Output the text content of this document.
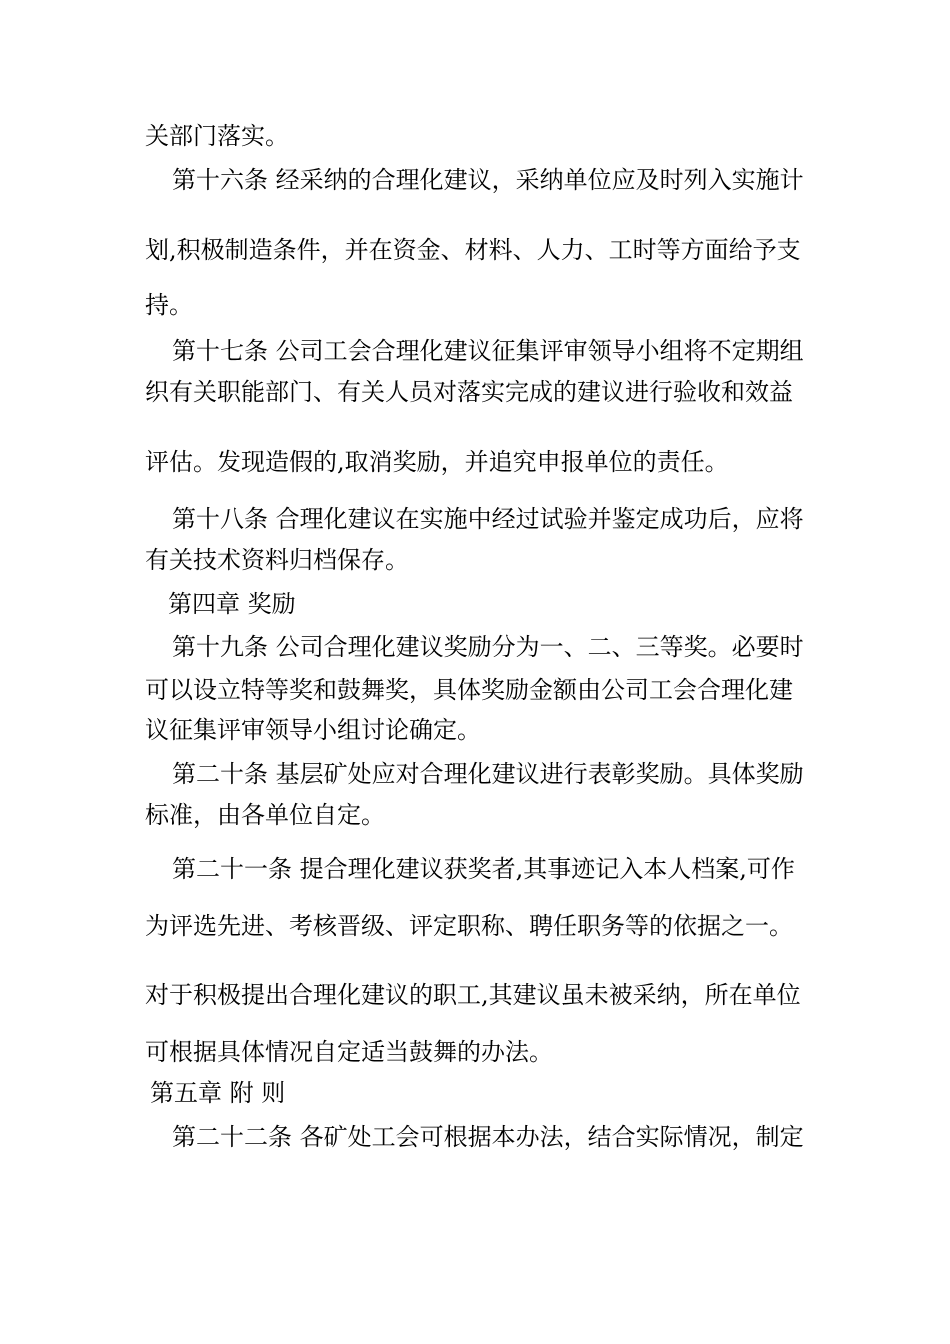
关部门落实。
第十六条 经采纳的合理化建议，采纳单位应及时列入实施计
划,积极制造条件，并在资金、材料、人力、工时等方面给予支
持。
第十七条 公司工会合理化建议征集评审领导小组将不定期组
织有关职能部门、有关人员对落实完成的建议进行验收和效益
评估。发现造假的,取消奖励，并追究申报单位的责任。
第十八条 合理化建议在实施中经过试验并鉴定成功后，应将
有关技术资料归档保存。
第四章 奖励
第十九条 公司合理化建议奖励分为一、二、三等奖。必要时
可以设立特等奖和鼓舞奖，具体奖励金额由公司工会合理化建
议征集评审领导小组讨论确定。
第二十条 基层矿处应对合理化建议进行表彰奖励。具体奖励
标准，由各单位自定。
第二十一条 提合理化建议获奖者,其事迹记入本人档案,可作
为评选先进、考核晋级、评定职称、聘任职务等的依据之一。
对于积极提出合理化建议的职工,其建议虽未被采纳，所在单位
可根据具体情况自定适当鼓舞的办法。
第五章 附 则
第二十二条 各矿处工会可根据本办法，结合实际情况，制定
